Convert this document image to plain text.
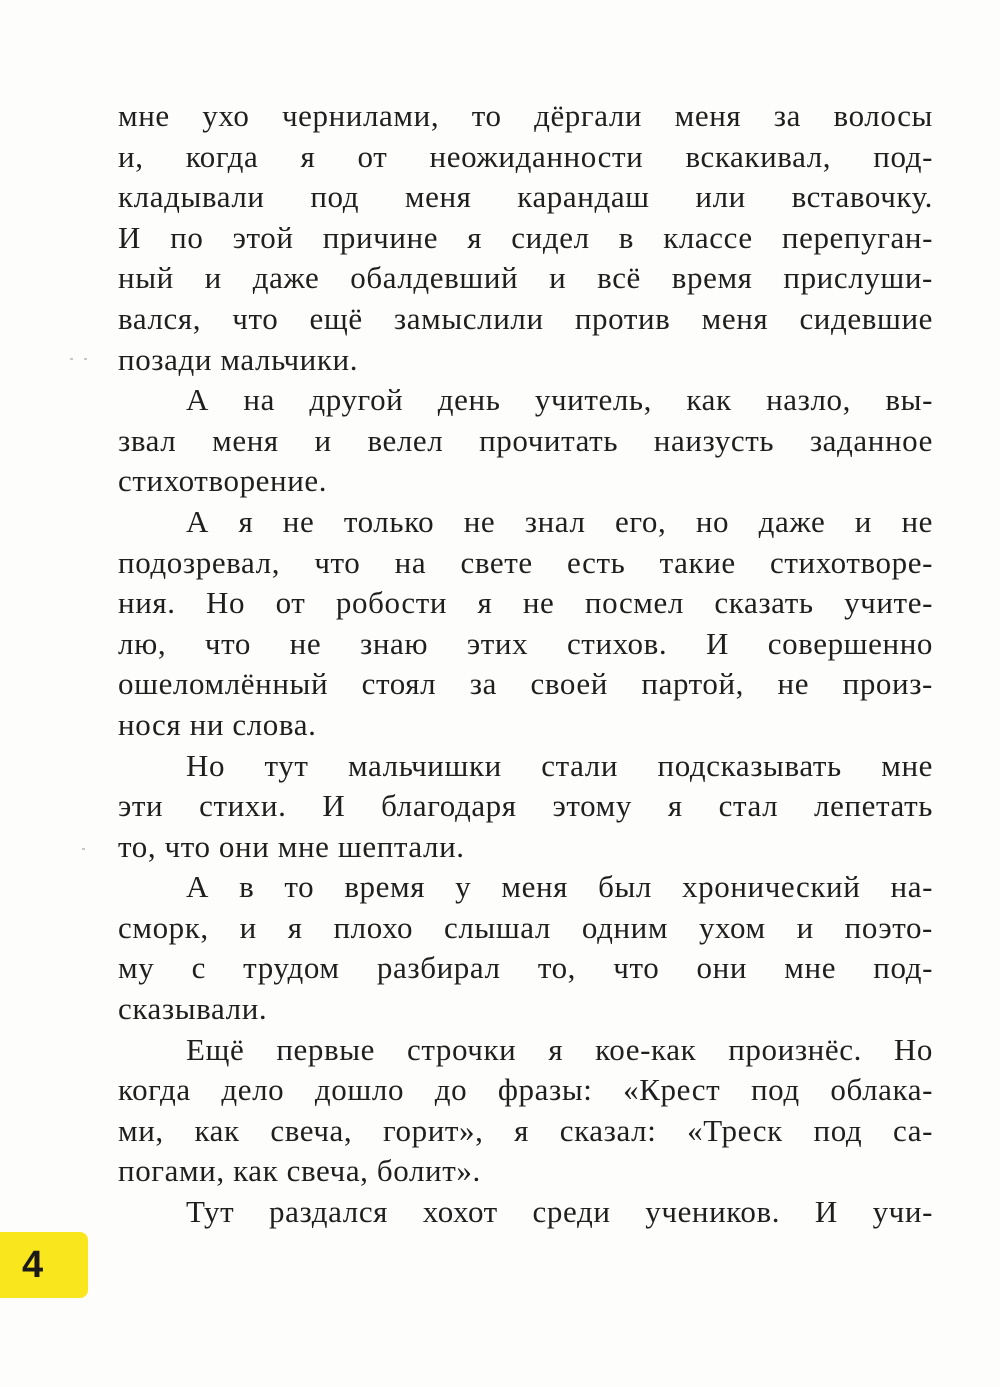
мне ухо чернилами, то дёргали меня за волосы
и, когда я от неожиданности вскакивал, под-
кладывали под меня карандаш или вставочку.
И по этой причине я сидел в классе перепуган-
ный и даже обалдевший и всё время прислуши-
вался, что ещё замыслили против меня сидевшие
позади мальчики.
А на другой день учитель, как назло, вы-
звал меня и велел прочитать наизусть заданное
стихотворение.
А я не только не знал его, но даже и не
подозревал, что на свете есть такие стихотворе-
ния. Но от робости я не посмел сказать учите-
лю, что не знаю этих стихов. И совершенно
ошеломлённый стоял за своей партой, не произ-
нося ни слова.
Но тут мальчишки стали подсказывать мне
эти стихи. И благодаря этому я стал лепетать
то, что они мне шептали.
А в то время у меня был хронический на-
сморк, и я плохо слышал одним ухом и поэто-
му с трудом разбирал то, что они мне под-
сказывали.
Ещё первые строчки я кое-как произнёс. Но
когда дело дошло до фразы: «Крест под облака-
ми, как свеча, горит», я сказал: «Треск под са-
погами, как свеча, болит».
Тут раздался хохот среди учеников. И учи-
4
